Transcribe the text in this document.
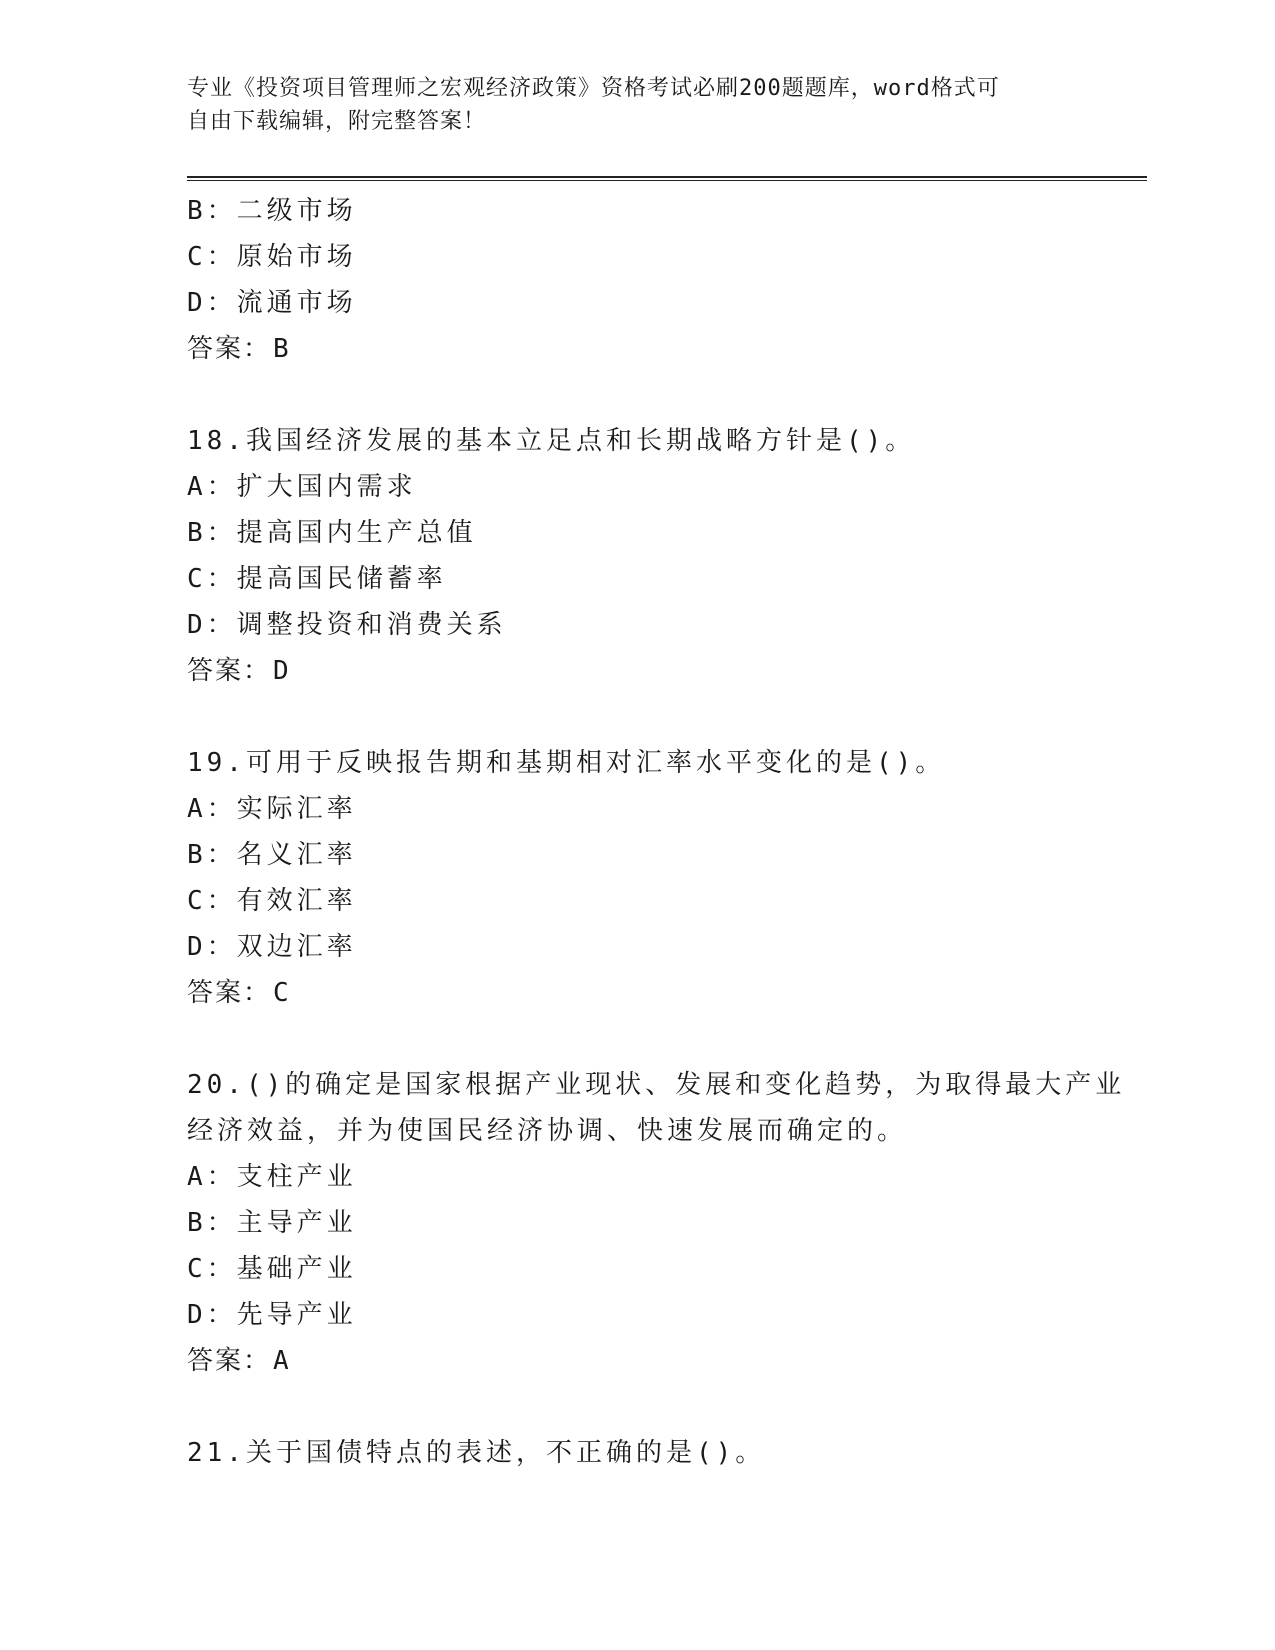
专业《投资项目管理师之宏观经济政策》资格考试必刷200题题库，word格式可
自由下载编辑，附完整答案！
B：二级市场
C：原始市场
D：流通市场
答案：B
18.我国经济发展的基本立足点和长期战略方针是()。
A：扩大国内需求
B：提高国内生产总值
C：提高国民储蓄率
D：调整投资和消费关系
答案：D
19.可用于反映报告期和基期相对汇率水平变化的是()。
A：实际汇率
B：名义汇率
C：有效汇率
D：双边汇率
答案：C
20.()的确定是国家根据产业现状、发展和变化趋势，为取得最大产业
经济效益，并为使国民经济协调、快速发展而确定的。
A：支柱产业
B：主导产业
C：基础产业
D：先导产业
答案：A
21.关于国债特点的表述，不正确的是()。
